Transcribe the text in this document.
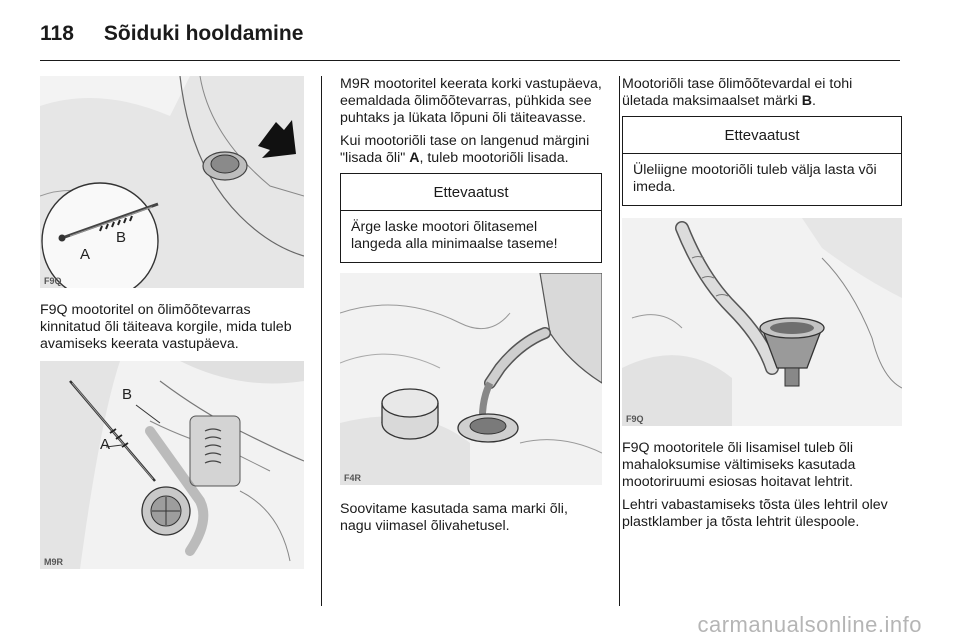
118 Sõiduki hooldamine
A
B
F9Q

F9Q mootoritel on õlimõõtevarras kinnitatud õli täiteava korgile, mida tuleb avamiseks keerata vastupäeva.

B
A
M9R

M9R mootoritel keerata korki vastupäeva, eemaldada õlimõõtevarras, pühkida see puhtaks ja lükata lõpuni õli täiteavasse.

Kui mootoriõli tase on langenud märgini "lisada õli" A, tuleb mootoriõli lisada.

Ettevaatust
Ärge laske mootori õlitasemel langeda alla minimaalse taseme!
F4R

Soovitame kasutada sama marki õli, nagu viimasel õlivahetusel.

Mootoriõli tase õlimõõtevardal ei tohi ületada maksimaalset märki B.

Ettevaatust
Üleliigne mootoriõli tuleb välja lasta või imeda.
F9Q

F9Q mootoritele õli lisamisel tuleb õli mahaloksumise vältimiseks kasutada mootoriruumi esiosas hoitavat lehtrit.

Lehtri vabastamiseks tõsta üles lehtril olev plastklamber ja tõsta lehtrit ülespoole.

carmanualsonline.info
